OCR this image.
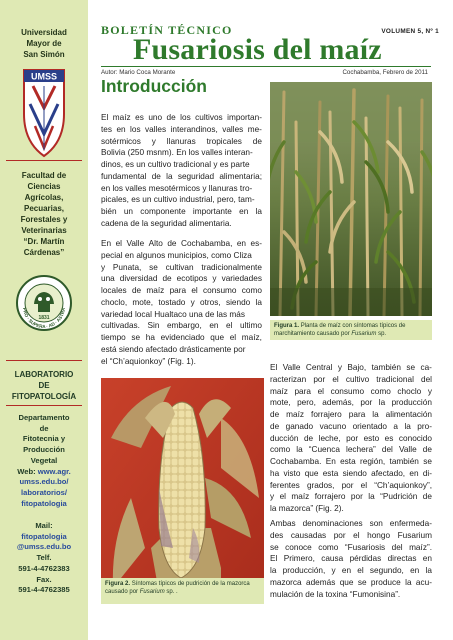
Universidad
Mayor de
San Simón
UMSS
Facultad de
Ciencias
Agrícolas,
Pecuarias,
Forestales y
Veterinarias
“Dr. Martín
Cárdenas”
1831
PRO · SUPERA · AD · ASTRA
LABORATORIO
DE
FITOPATOLOGÍA
Departamento
de
Fitotecnia y
Producción
Vegetal
Web: www.agr.
umss.edu.bo/
laboratorios/
fitopatologia
Mail:
fitopatologia
@umss.edu.bo
Telf.
591-4-4762383
Fax.
591-4-4762385
BOLETÍN TÉCNICO	VOLUMEN 5, Nº 1
Fusariosis del maíz
Autor: Mario Coca Morante	Cochabamba, Febrero de 2011
Introducción
El maíz es uno de los cultivos importan-
tes en los valles interandinos, valles me-
sotérmicos y llanuras tropicales de
Bolivia (250 msnm). En los valles interan-
dinos, es un cultivo tradicional y es parte
fundamental de la seguridad alimentaria;
en los valles mesotérmicos y llanuras tro-
picales, es un cultivo industrial, pero, tam-
bién un componente importante en la
cadena de la seguridad alimentaria.
En el Valle Alto de Cochabamba, en es-
pecial en algunos municipios, como Cliza
y Punata, se cultivan tradicionalmente
una diversidad de ecotipos y variedades
locales de maíz para el consumo como
choclo, mote, tostado y otros, siendo la
variedad local Hualtaco una de las más
cultivadas. Sin embargo, en el ultimo
tiempo se ha evidenciado que el maíz,
está siendo afectado drásticamente por
el “Ch’aquionkoy” (Fig. 1).
El Valle Central y Bajo, también se ca-
racterizan por el cultivo tradicional del
maíz para el consumo como choclo y
mote, pero, además, por la producción
de maíz forrajero para la alimentación
de ganado vacuno orientado a la pro-
ducción de leche, por esto es conocido
como la “Cuenca lechera” del Valle de
Cochabamba. En esta región, también se
ha visto que esta siendo afectado, en di-
ferentes grados, por el “Ch’aquionkoy”,
y el maíz forrajero por la “Pudrición de
la mazorca” (Fig. 2).
Ambas denominaciones son enfermeda-
des causadas por el hongo Fusarium
se conoce como “Fusariosis del maíz”.
El Primero, causa pérdidas directas en
la producción, y en el segundo, en la
mazorca además que se produce la acu-
mulación de la toxina “Fumonisina”.
Figura 1. Planta de maíz con síntomas típicos de marchitamiento causado por Fusarium sp.
Figura 2. Síntomas típicos de pudrición de la mazorca causado por Fusarium sp. .
